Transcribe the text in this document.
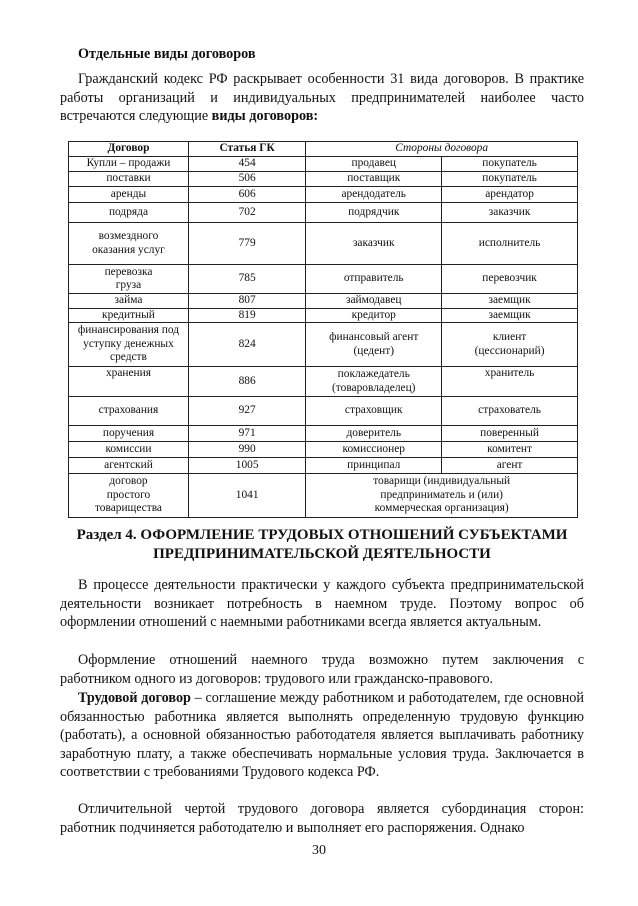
Отдельные виды договоров
Гражданский кодекс РФ раскрывает особенности 31 вида договоров. В практике работы организаций и индивидуальных предпринимателей наиболее часто встречаются следующие виды договоров:
Договор	Статья ГК	Стороны договора	
Купли – продажи	454	продавец	покупатель
поставки	506	поставщик	покупатель
аренды	606	арендодатель	арендатор
подряда	702	подрядчик	заказчик
возмездного оказания услуг	779	заказчик	исполнитель
перевозка груза	785	отправитель	перевозчик
займа	807	займодавец	заемщик
кредитный	819	кредитор	заемщик
финансирования под уступку денежных средств	824	финансовый агент (цедент)	клиент (цессионарий)
хранения	886	поклажедатель (товаровладелец)	хранитель
страхования	927	страховщик	страхователь
поручения	971	доверитель	поверенный
комиссии	990	комиссионер	комитент
агентский	1005	принципал	агент
договор простого товарищества	1041	товарищи (индивидуальный предприниматель и (или) коммерческая организация)	
Раздел 4. ОФОРМЛЕНИЕ ТРУДОВЫХ ОТНОШЕНИЙ СУБЪЕКТАМИ
ПРЕДПРИНИМАТЕЛЬСКОЙ ДЕЯТЕЛЬНОСТИ
В процессе деятельности практически у каждого субъекта предпринимательской деятельности возникает потребность в наемном труде. Поэтому вопрос об оформлении отношений с наемными работниками всегда является актуальным.
Оформление отношений наемного труда возможно путем заключения с работником одного из договоров: трудового или гражданско-правового.
Трудовой договор – соглашение между работником и работодателем, где основной обязанностью работника является выполнять определенную трудовую функцию (работать), а основной обязанностью работодателя является выплачивать работнику заработную плату, а также обеспечивать нормальные условия труда. Заключается в соответствии с требованиями Трудового кодекса РФ.
Отличительной чертой трудового договора является субординация сторон: работник подчиняется работодателю и выполняет его распоряжения. Однако
30
